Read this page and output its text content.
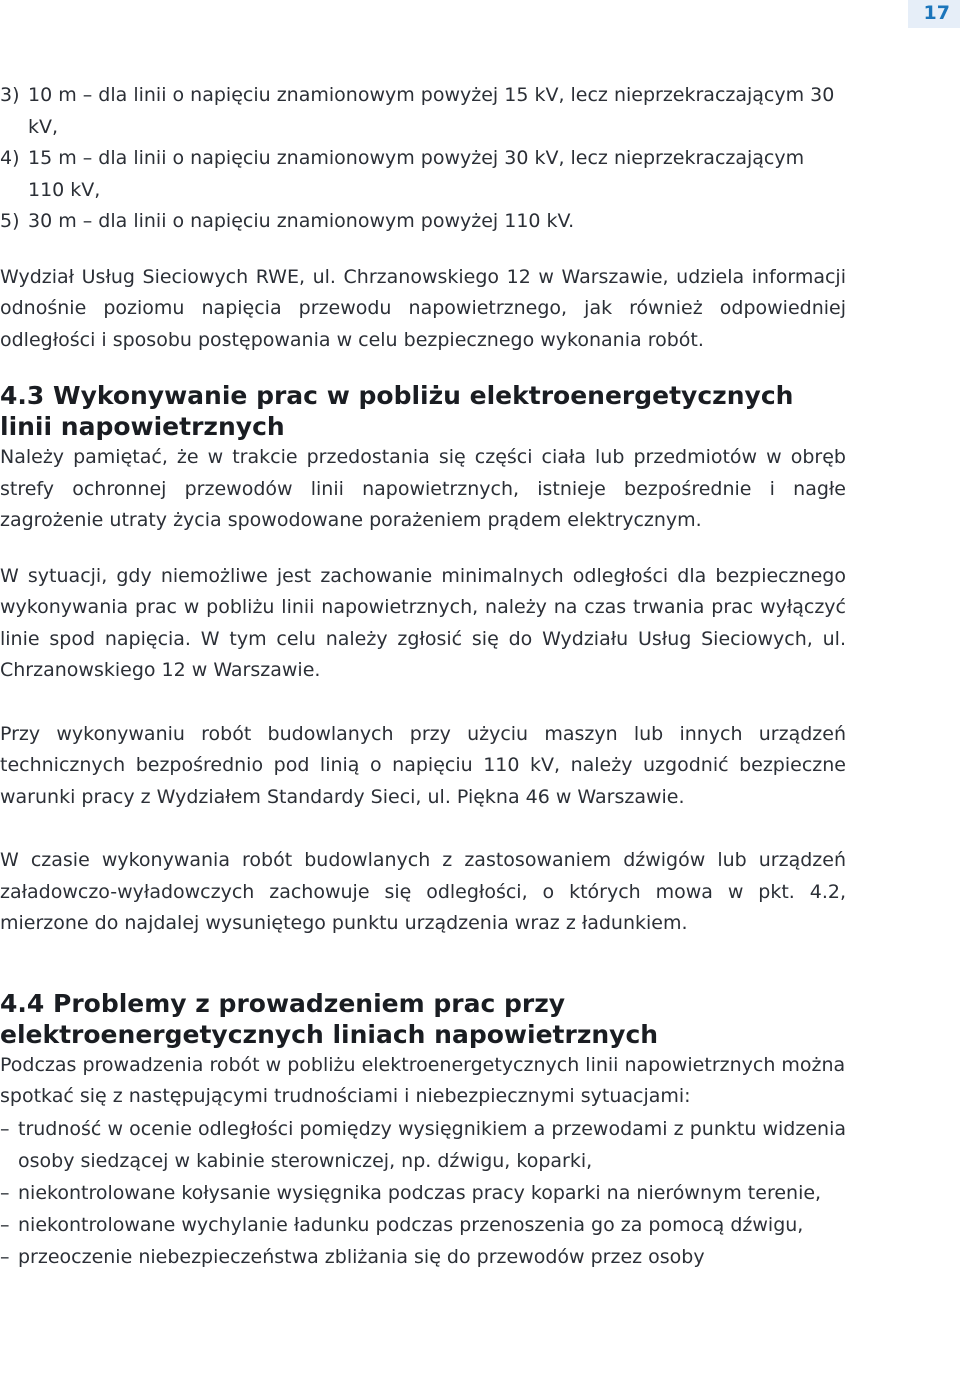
17
3) 10 m – dla linii o napięciu znamionowym powyżej 15 kV, lecz nieprzekraczającym 30 kV,
4) 15 m – dla linii o napięciu znamionowym powyżej 30 kV, lecz nieprzekraczającym 110 kV,
5) 30 m – dla linii o napięciu znamionowym powyżej 110 kV.

Wydział Usług Sieciowych RWE, ul. Chrzanowskiego 12 w Warszawie, udziela informacji odnośnie poziomu napięcia przewodu napowietrznego, jak również odpowiedniej odległości i sposobu postępowania w celu bezpiecznego wykonania robót.

4.3 Wykonywanie prac w pobliżu elektroenergetycznych linii napowietrznych

Należy pamiętać, że w trakcie przedostania się części ciała lub przedmiotów w obręb strefy ochronnej przewodów linii napowietrznych, istnieje bezpośrednie i nagłe zagrożenie utraty życia spowodowane porażeniem prądem elektrycznym.

W sytuacji, gdy niemożliwe jest zachowanie minimalnych odległości dla bezpiecznego wykonywania prac w pobliżu linii napowietrznych, należy na czas trwania prac wyłączyć linie spod napięcia. W tym celu należy zgłosić się do Wydziału Usług Sieciowych, ul. Chrzanowskiego 12 w Warszawie.

Przy wykonywaniu robót budowlanych przy użyciu maszyn lub innych urządzeń technicznych bezpośrednio pod linią o napięciu 110 kV, należy uzgodnić bezpieczne warunki pracy z Wydziałem Standardy Sieci, ul. Piękna 46 w Warszawie.

W czasie wykonywania robót budowlanych z zastosowaniem dźwigów lub urządzeń załadowczo-wyładowczych zachowuje się odległości, o których mowa w pkt. 4.2, mierzone do najdalej wysuniętego punktu urządzenia wraz z ładunkiem.

4.4 Problemy z prowadzeniem prac przy elektroenergetycznych liniach napowietrznych

Podczas prowadzenia robót w pobliżu elektroenergetycznych linii napowietrznych można spotkać się z następującymi trudnościami i niebezpiecznymi sytuacjami:

– trudność w ocenie odległości pomiędzy wysięgnikiem a przewodami z punktu widzenia osoby siedzącej w kabinie sterowniczej, np. dźwigu, koparki,
– niekontrolowane kołysanie wysięgnika podczas pracy koparki na nierównym terenie,
– niekontrolowane wychylanie ładunku podczas przenoszenia go za pomocą dźwigu,
– przeoczenie niebezpieczeństwa zbliżania się do przewodów przez osoby
